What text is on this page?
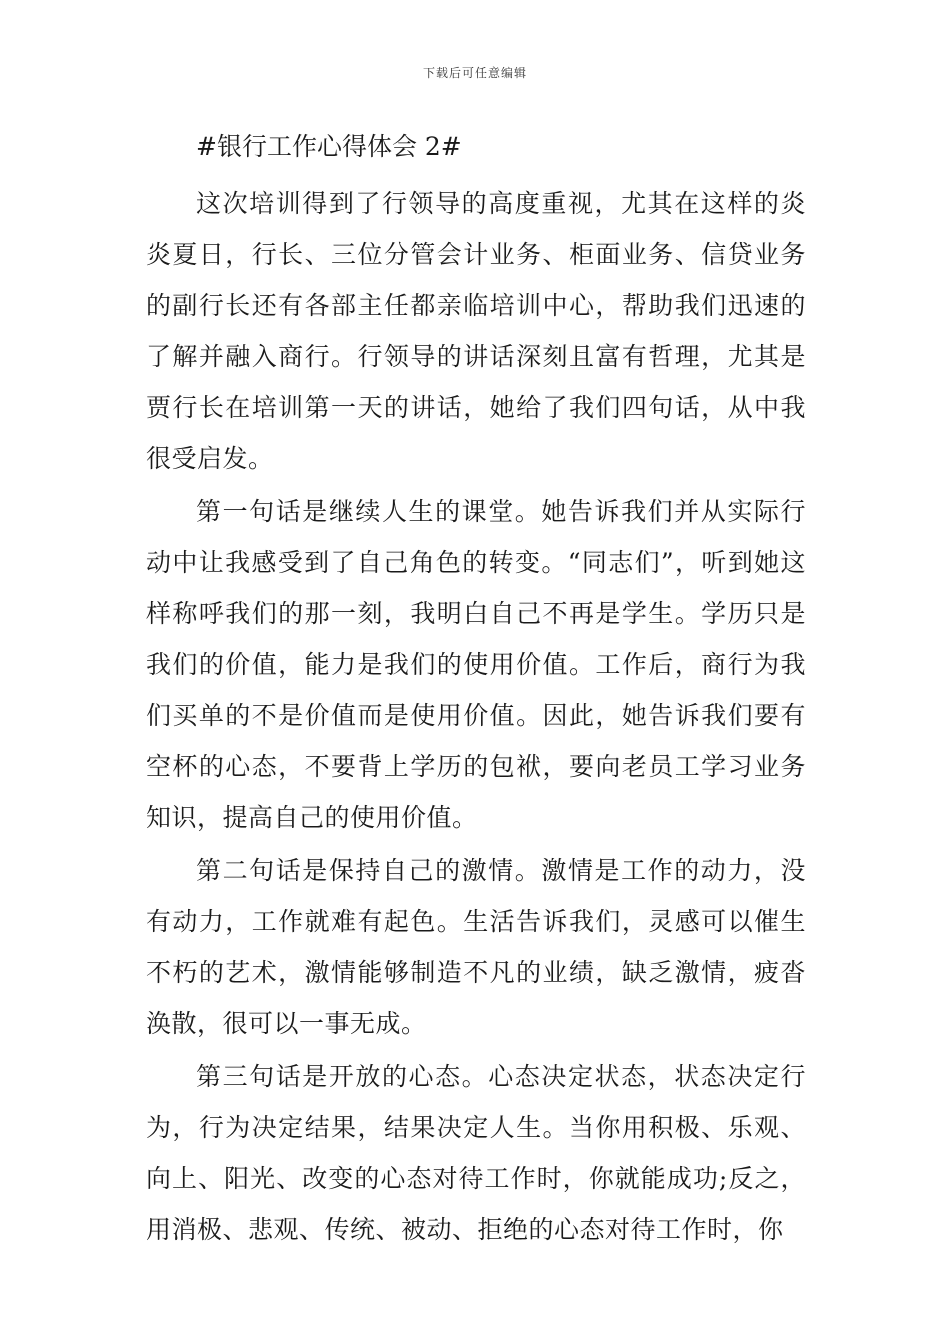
下载后可任意编辑
#银行工作心得体会 2#

这次培训得到了行领导的高度重视，尤其在这样的炎炎夏日，行长、三位分管会计业务、柜面业务、信贷业务的副行长还有各部主任都亲临培训中心，帮助我们迅速的了解并融入商行。行领导的讲话深刻且富有哲理，尤其是贾行长在培训第一天的讲话，她给了我们四句话，从中我很受启发。

第一句话是继续人生的课堂。她告诉我们并从实际行动中让我感受到了自己角色的转变。“同志们”，听到她这样称呼我们的那一刻，我明白自己不再是学生。学历只是我们的价值，能力是我们的使用价值。工作后，商行为我们买单的不是价值而是使用价值。因此，她告诉我们要有空杯的心态，不要背上学历的包袱，要向老员工学习业务知识，提高自己的使用价值。

第二句话是保持自己的激情。激情是工作的动力，没有动力，工作就难有起色。生活告诉我们，灵感可以催生不朽的艺术，激情能够制造不凡的业绩，缺乏激情，疲沓涣散，很可以一事无成。

第三句话是开放的心态。心态决定状态，状态决定行为，行为决定结果，结果决定人生。当你用积极、乐观、向上、阳光、改变的心态对待工作时，你就能成功;反之，用消极、悲观、传统、被动、拒绝的心态对待工作时，你
